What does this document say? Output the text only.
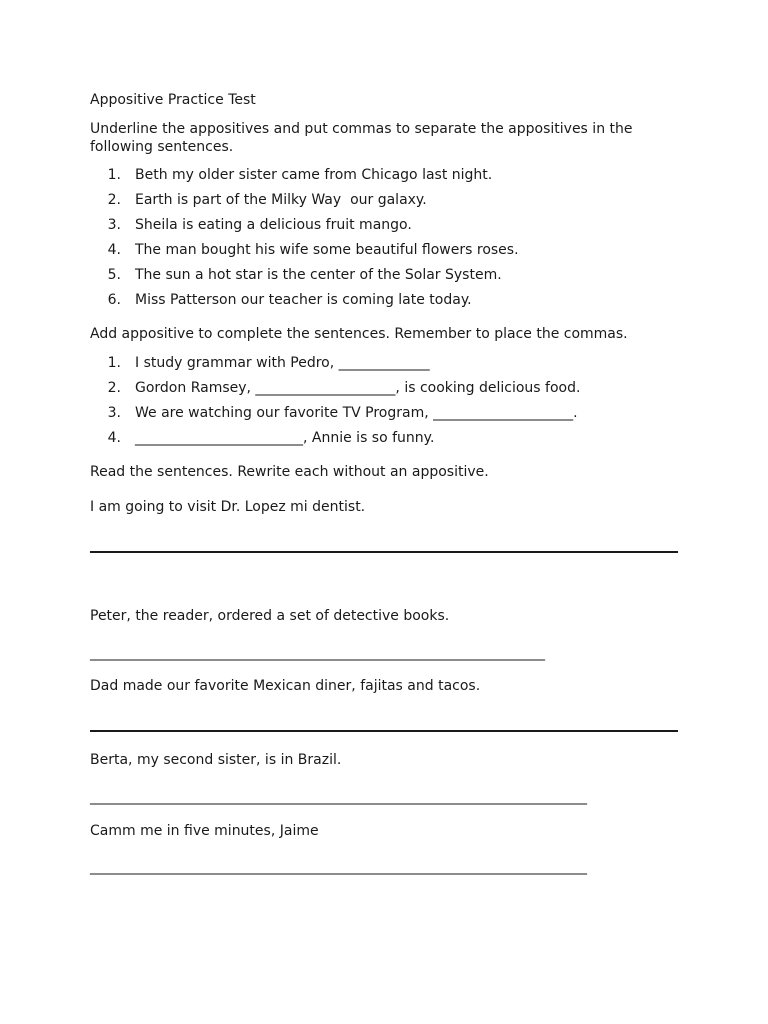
Appositive Practice Test

Underline the appositives and put commas to separate the appositives in the following sentences.

1. Beth my older sister came from Chicago last night.
2. Earth is part of the Milky Way  our galaxy.
3. Sheila is eating a delicious fruit mango.
4. The man bought his wife some beautiful flowers roses.
5. The sun a hot star is the center of the Solar System.
6. Miss Patterson our teacher is coming late today.

Add appositive to complete the sentences. Remember to place the commas.

1. I study grammar with Pedro, _____________
2. Gordon Ramsey, ____________________, is cooking delicious food.
3. We are watching our favorite TV Program, ____________________.
4. ________________________, Annie is so funny.

Read the sentences. Rewrite each without an appositive.

I am going to visit Dr. Lopez mi dentist.

Peter, the reader, ordered a set of detective books.

_________________________________________________________________

Dad made our favorite Mexican diner, fajitas and tacos.

Berta, my second sister, is in Brazil.

_______________________________________________________________________

Camm me in five minutes, Jaime

_______________________________________________________________________
